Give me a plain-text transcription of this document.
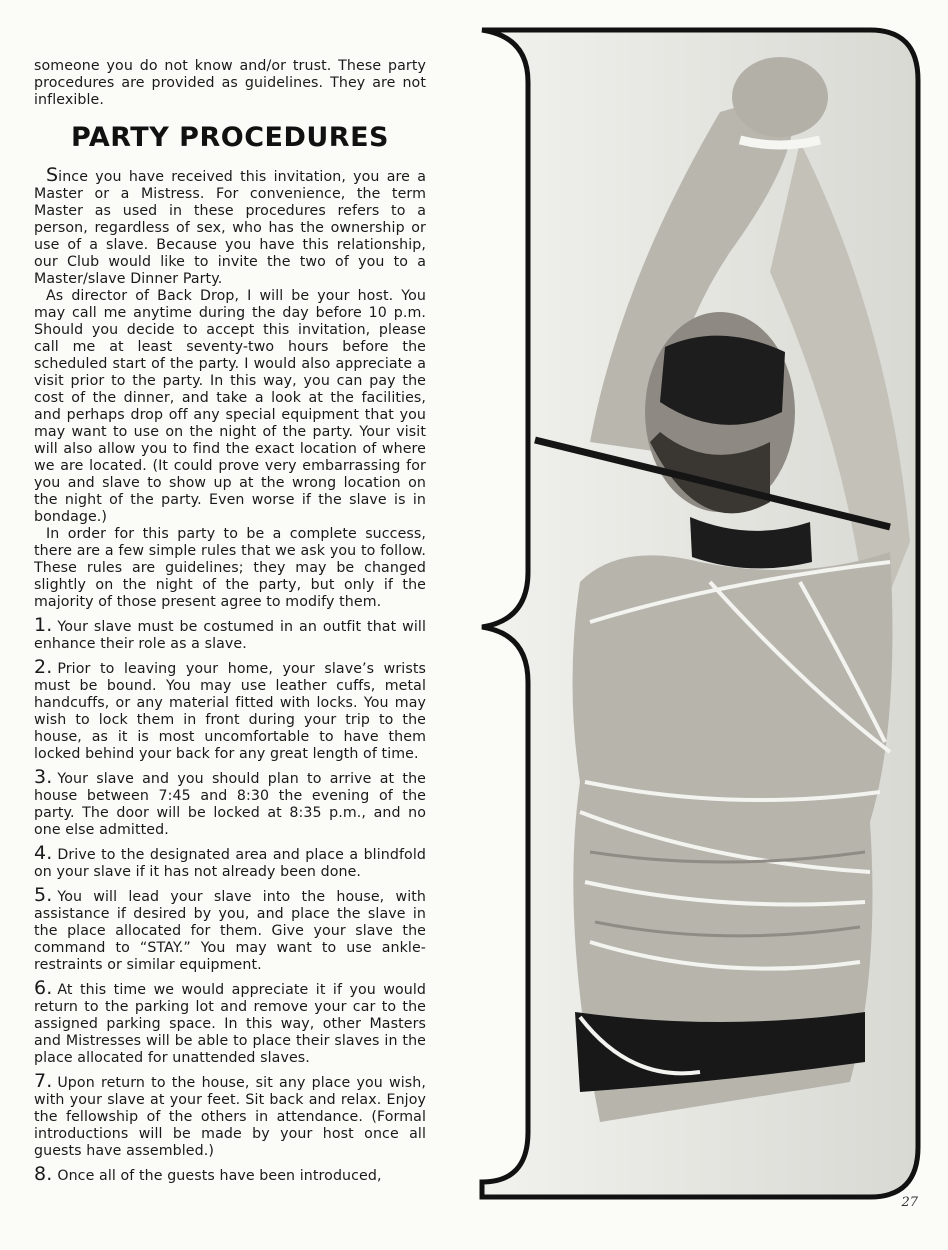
someone you do not know and/or trust. These party procedures are provided as guidelines. They are not inflexible.

PARTY PROCEDURES

Since you have received this invitation, you are a Master or a Mistress. For convenience, the term Master as used in these procedures refers to a person, regardless of sex, who has the ownership or use of a slave. Because you have this relationship, our Club would like to invite the two of you to a Master/slave Dinner Party.

As director of Back Drop, I will be your host. You may call me anytime during the day before 10 p.m. Should you decide to accept this invitation, please call me at least seventy-two hours before the scheduled start of the party. I would also appreciate a visit prior to the party. In this way, you can pay the cost of the dinner, and take a look at the facilities, and perhaps drop off any special equipment that you may want to use on the night of the party. Your visit will also allow you to find the exact location of where we are located. (It could prove very embarrassing for you and slave to show up at the wrong location on the night of the party. Even worse if the slave is in bondage.)

In order for this party to be a complete success, there are a few simple rules that we ask you to follow. These rules are guidelines; they may be changed slightly on the night of the party, but only if the majority of those present agree to modify them.

1. Your slave must be costumed in an outfit that will enhance their role as a slave.

2. Prior to leaving your home, your slave’s wrists must be bound. You may use leather cuffs, metal handcuffs, or any material fitted with locks. You may wish to lock them in front during your trip to the house, as it is most uncomfortable to have them locked behind your back for any great length of time.

3. Your slave and you should plan to arrive at the house between 7:45 and 8:30 the evening of the party. The door will be locked at 8:35 p.m., and no one else admitted.

4. Drive to the designated area and place a blindfold on your slave if it has not already been done.

5. You will lead your slave into the house, with assistance if desired by you, and place the slave in the place allocated for them. Give your slave the command to “STAY.” You may want to use ankle-restraints or similar equipment.

6. At this time we would appreciate it if you would return to the parking lot and remove your car to the assigned parking space. In this way, other Masters and Mistresses will be able to place their slaves in the place allocated for unattended slaves.

7. Upon return to the house, sit any place you wish, with your slave at your feet. Sit back and relax. Enjoy the fellowship of the others in attendance. (Formal introductions will be made by your host once all guests have assembled.)

8. Once all of the guests have been introduced,

27
